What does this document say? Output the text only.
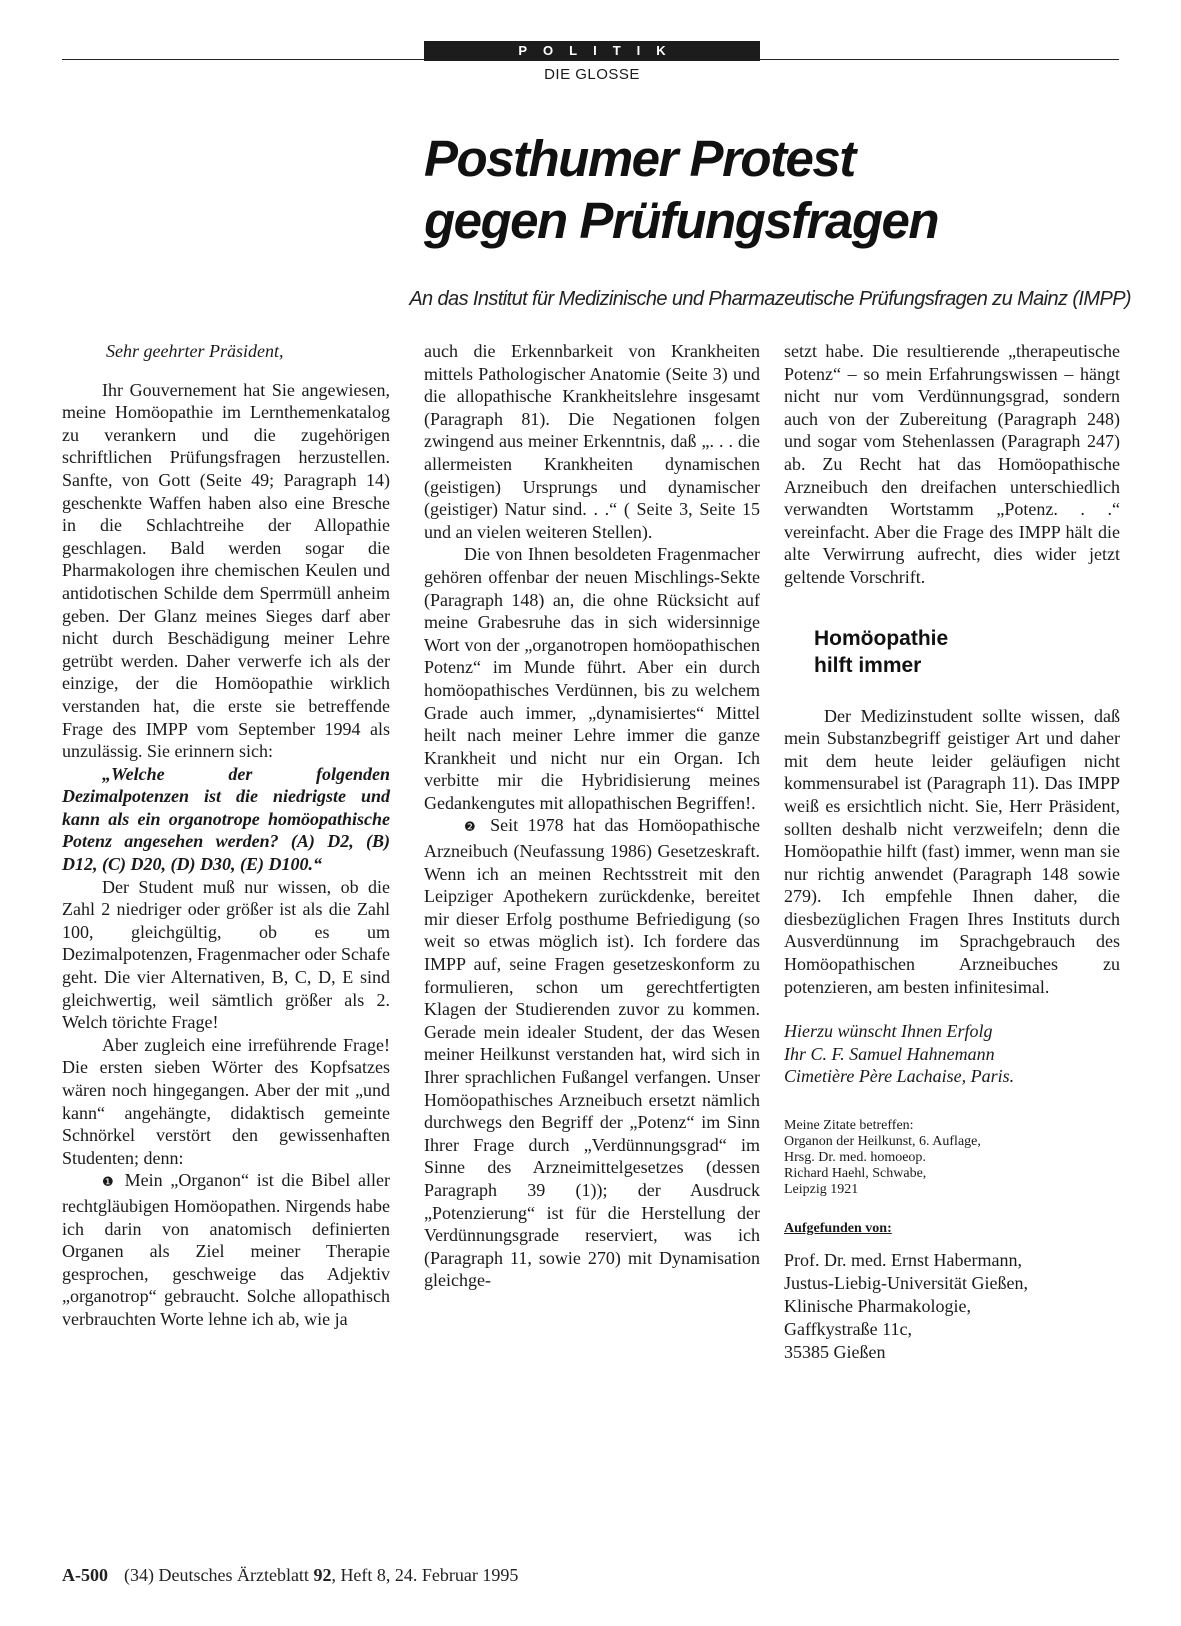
POLITIK
DIE GLOSSE
Posthumer Protest
gegen Prüfungsfragen
An das Institut für Medizinische und Pharmazeutische Prüfungsfragen zu Mainz (IMPP)

Sehr geehrter Präsident,

Ihr Gouvernement hat Sie angewiesen, meine Homöopathie im Lernthemenkatalog zu verankern und die zugehörigen schriftlichen Prüfungsfragen herzustellen. Sanfte, von Gott (Seite 49; Paragraph 14) geschenkte Waffen haben also eine Bresche in die Schlachtreihe der Allopathie geschlagen. Bald werden sogar die Pharmakologen ihre chemischen Keulen und antidotischen Schilde dem Sperrmüll anheim geben. Der Glanz meines Sieges darf aber nicht durch Beschädigung meiner Lehre getrübt werden. Daher verwerfe ich als der einzige, der die Homöopathie wirklich verstanden hat, die erste sie betreffende Frage des IMPP vom September 1994 als unzulässig. Sie erinnern sich:

„Welche der folgenden Dezimalpotenzen ist die niedrigste und kann als ein organotrope homöopathische Potenz angesehen werden? (A) D2, (B) D12, (C) D20, (D) D30, (E) D100.“

Der Student muß nur wissen, ob die Zahl 2 niedriger oder größer ist als die Zahl 100, gleichgültig, ob es um Dezimalpotenzen, Fragenmacher oder Schafe geht. Die vier Alternativen, B, C, D, E sind gleichwertig, weil sämtlich größer als 2. Welch törichte Frage!

Aber zugleich eine irreführende Frage! Die ersten sieben Wörter des Kopfsatzes wären noch hingegangen. Aber der mit „und kann“ angehängte, didaktisch gemeinte Schnörkel verstört den gewissenhaften Studenten; denn:

❶ Mein „Organon“ ist die Bibel aller rechtgläubigen Homöopathen. Nirgends habe ich darin von anatomisch definierten Organen als Ziel meiner Therapie gesprochen, geschweige das Adjektiv „organotrop“ gebraucht. Solche allopathisch verbrauchten Worte lehne ich ab, wie ja

auch die Erkennbarkeit von Krankheiten mittels Pathologischer Anatomie (Seite 3) und die allopathische Krankheitslehre insgesamt (Paragraph 81). Die Negationen folgen zwingend aus meiner Erkenntnis, daß „. . . die allermeisten Krankheiten dynamischen (geistigen) Ursprungs und dynamischer (geistiger) Natur sind. . .“ ( Seite 3, Seite 15 und an vielen weiteren Stellen).

Die von Ihnen besoldeten Fragenmacher gehören offenbar der neuen Mischlings-Sekte (Paragraph 148) an, die ohne Rücksicht auf meine Grabesruhe das in sich widersinnige Wort von der „organotropen homöopathischen Potenz“ im Munde führt. Aber ein durch homöopathisches Verdünnen, bis zu welchem Grade auch immer, „dynamisiertes“ Mittel heilt nach meiner Lehre immer die ganze Krankheit und nicht nur ein Organ. Ich verbitte mir die Hybridisierung meines Gedankengutes mit allopathischen Begriffen!.

❷ Seit 1978 hat das Homöopathische Arzneibuch (Neufassung 1986) Gesetzeskraft. Wenn ich an meinen Rechtsstreit mit den Leipziger Apothekern zurückdenke, bereitet mir dieser Erfolg posthume Befriedigung (so weit so etwas möglich ist). Ich fordere das IMPP auf, seine Fragen gesetzeskonform zu formulieren, schon um gerechtfertigten Klagen der Studierenden zuvor zu kommen. Gerade mein idealer Student, der das Wesen meiner Heilkunst verstanden hat, wird sich in Ihrer sprachlichen Fußangel verfangen. Unser Homöopathisches Arzneibuch ersetzt nämlich durchwegs den Begriff der „Potenz“ im Sinn Ihrer Frage durch „Verdünnungsgrad“ im Sinne des Arzneimittelgesetzes (dessen Paragraph 39 (1)); der Ausdruck „Potenzierung“ ist für die Herstellung der Verdünnungsgrade reserviert, was ich (Paragraph 11, sowie 270) mit Dynamisation gleichge-

setzt habe. Die resultierende „therapeutische Potenz“ – so mein Erfahrungswissen – hängt nicht nur vom Verdünnungsgrad, sondern auch von der Zubereitung (Paragraph 248) und sogar vom Stehenlassen (Paragraph 247) ab. Zu Recht hat das Homöopathische Arzneibuch den dreifachen unterschiedlich verwandten Wortstamm „Potenz. . .“ vereinfacht. Aber die Frage des IMPP hält die alte Verwirrung aufrecht, dies wider jetzt geltende Vorschrift.

Homöopathie
hilft immer

Der Medizinstudent sollte wissen, daß mein Substanzbegriff geistiger Art und daher mit dem heute leider geläufigen nicht kommensurabel ist (Paragraph 11). Das IMPP weiß es ersichtlich nicht. Sie, Herr Präsident, sollten deshalb nicht verzweifeln; denn die Homöopathie hilft (fast) immer, wenn man sie nur richtig anwendet (Paragraph 148 sowie 279). Ich empfehle Ihnen daher, die diesbezüglichen Fragen Ihres Instituts durch Ausverdünnung im Sprachgebrauch des Homöopathischen Arzneibuches zu potenzieren, am besten infinitesimal.

Hierzu wünscht Ihnen Erfolg
Ihr C. F. Samuel Hahnemann
Cimetière Père Lachaise, Paris.

Meine Zitate betreffen:
Organon der Heilkunst, 6. Auflage,
Hrsg. Dr. med. homoeop.
Richard Haehl, Schwabe,
Leipzig 1921

Aufgefunden von:

Prof. Dr. med. Ernst Habermann,
Justus-Liebig-Universität Gießen,
Klinische Pharmakologie,
Gaffkystraße 11c,
35385 Gießen

A-500 (34) Deutsches Ärzteblatt 92, Heft 8, 24. Februar 1995
